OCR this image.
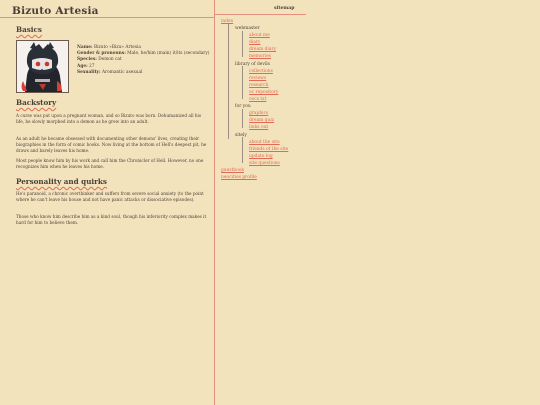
Bizuto Artesia
Basics
Name: Bizuto «Bizu» Artesia
Gender & pronouns: Male, he/him (main) it/its (secondary)
Species: Demon cat
Age: 27
Sexuality: Aromantic asexual
Backstory

A curse was put upon a pregnant woman, and so Bizuto was born. Dehumanized all his life, he slowly morphed into a demon as he grew into an adult.

As an adult he became obsessed with documenting other demons' lives, creating their biographies in the form of comic books. Now living at the bottom of Hell's deepest pit, he draws and barely leaves his home.

Most people know him by his work and call him the Chronicler of Hell. However, no one recognizes him when he leaves his home.

Personality and quirks

He's paranoid, a chronic overthinker and suffers from severe social anxiety (to the point where he can't leave his house and not have panic attacks or dissociative episodes).

Those who know him describe him as a kind soul, though his inferiority complex makes it hard for him to believe them.

sitemap
index
webmaster
about me
diary
dream diary
memories
library of devils
collections
reviews
research
oc repository
oocs txt
for you
graphics
dream quiz
links out
sitely
about the site
friends of the site
update log
site questions
guestbook
neocities profile
